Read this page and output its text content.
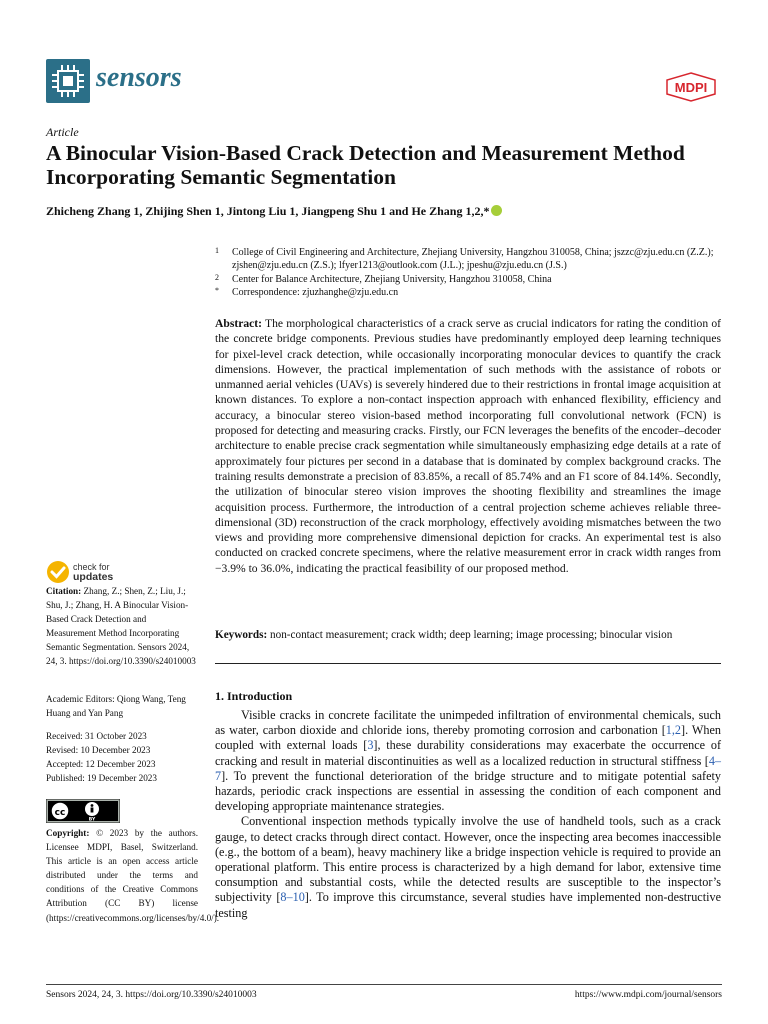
sensors	MDPI
Article
A Binocular Vision-Based Crack Detection and Measurement Method Incorporating Semantic Segmentation
Zhicheng Zhang 1, Zhijing Shen 1, Jintong Liu 1, Jiangpeng Shu 1 and He Zhang 1,2,*
1 College of Civil Engineering and Architecture, Zhejiang University, Hangzhou 310058, China; jszzc@zju.edu.cn (Z.Z.); zjshen@zju.edu.cn (Z.S.); lfyer1213@outlook.com (J.L.); jpeshu@zju.edu.cn (J.S.)
2 Center for Balance Architecture, Zhejiang University, Hangzhou 310058, China
* Correspondence: zjuzhanghe@zju.edu.cn
Abstract: The morphological characteristics of a crack serve as crucial indicators for rating the condition of the concrete bridge components. Previous studies have predominantly employed deep learning techniques for pixel-level crack detection, while occasionally incorporating monocular devices to quantify the crack dimensions. However, the practical implementation of such methods with the assistance of robots or unmanned aerial vehicles (UAVs) is severely hindered due to their restrictions in frontal image acquisition at known distances. To explore a non-contact inspection approach with enhanced flexibility, efficiency and accuracy, a binocular stereo vision-based method incorporating full convolutional network (FCN) is proposed for detecting and measuring cracks. Firstly, our FCN leverages the benefits of the encoder–decoder architecture to enable precise crack segmentation while simultaneously emphasizing edge details at a rate of approximately four pictures per second in a database that is dominated by complex background cracks. The training results demonstrate a precision of 83.85%, a recall of 85.74% and an F1 score of 84.14%. Secondly, the utilization of binocular stereo vision improves the shooting flexibility and streamlines the image acquisition process. Furthermore, the introduction of a central projection scheme achieves reliable three-dimensional (3D) reconstruction of the crack morphology, effectively avoiding mismatches between the two views and providing more comprehensive dimensional depiction for cracks. An experimental test is also conducted on cracked concrete specimens, where the relative measurement error in crack width ranges from −3.9% to 36.0%, indicating the practical feasibility of our proposed method.
Keywords: non-contact measurement; crack width; deep learning; image processing; binocular vision
1. Introduction

Visible cracks in concrete facilitate the unimpeded infiltration of environmental chemicals, such as water, carbon dioxide and chloride ions, thereby promoting corrosion and carbonation [1,2]. When coupled with external loads [3], these durability considerations may exacerbate the occurrence of cracking and result in material discontinuities as well as a localized reduction in structural stiffness [4–7]. To prevent the functional deterioration of the bridge structure and to mitigate potential safety hazards, periodic crack inspections are essential in assessing the condition of each component and developing appropriate maintenance strategies.

Conventional inspection methods typically involve the use of handheld tools, such as a crack gauge, to detect cracks through direct contact. However, once the inspecting area becomes inaccessible (e.g., the bottom of a beam), heavy machinery like a bridge inspection vehicle is required to provide an operational platform. This entire process is characterized by a high demand for labor, extensive time consumption and substantial costs, while the detected results are susceptible to the inspector’s subjectivity [8–10]. To improve this circumstance, several studies have implemented non-destructive testing

check for
updates
Citation: Zhang, Z.; Shen, Z.; Liu, J.; Shu, J.; Zhang, H. A Binocular Vision-Based Crack Detection and Measurement Method Incorporating Semantic Segmentation. Sensors 2024, 24, 3. https://doi.org/10.3390/s24010003
Academic Editors: Qiong Wang, Teng Huang and Yan Pang
Received: 31 October 2023
Revised: 10 December 2023
Accepted: 12 December 2023
Published: 19 December 2023
cc
BY
Copyright: © 2023 by the authors. Licensee MDPI, Basel, Switzerland. This article is an open access article distributed under the terms and conditions of the Creative Commons Attribution (CC BY) license (https://creativecommons.org/licenses/by/4.0/).
Sensors 2024, 24, 3. https://doi.org/10.3390/s24010003	https://www.mdpi.com/journal/sensors
